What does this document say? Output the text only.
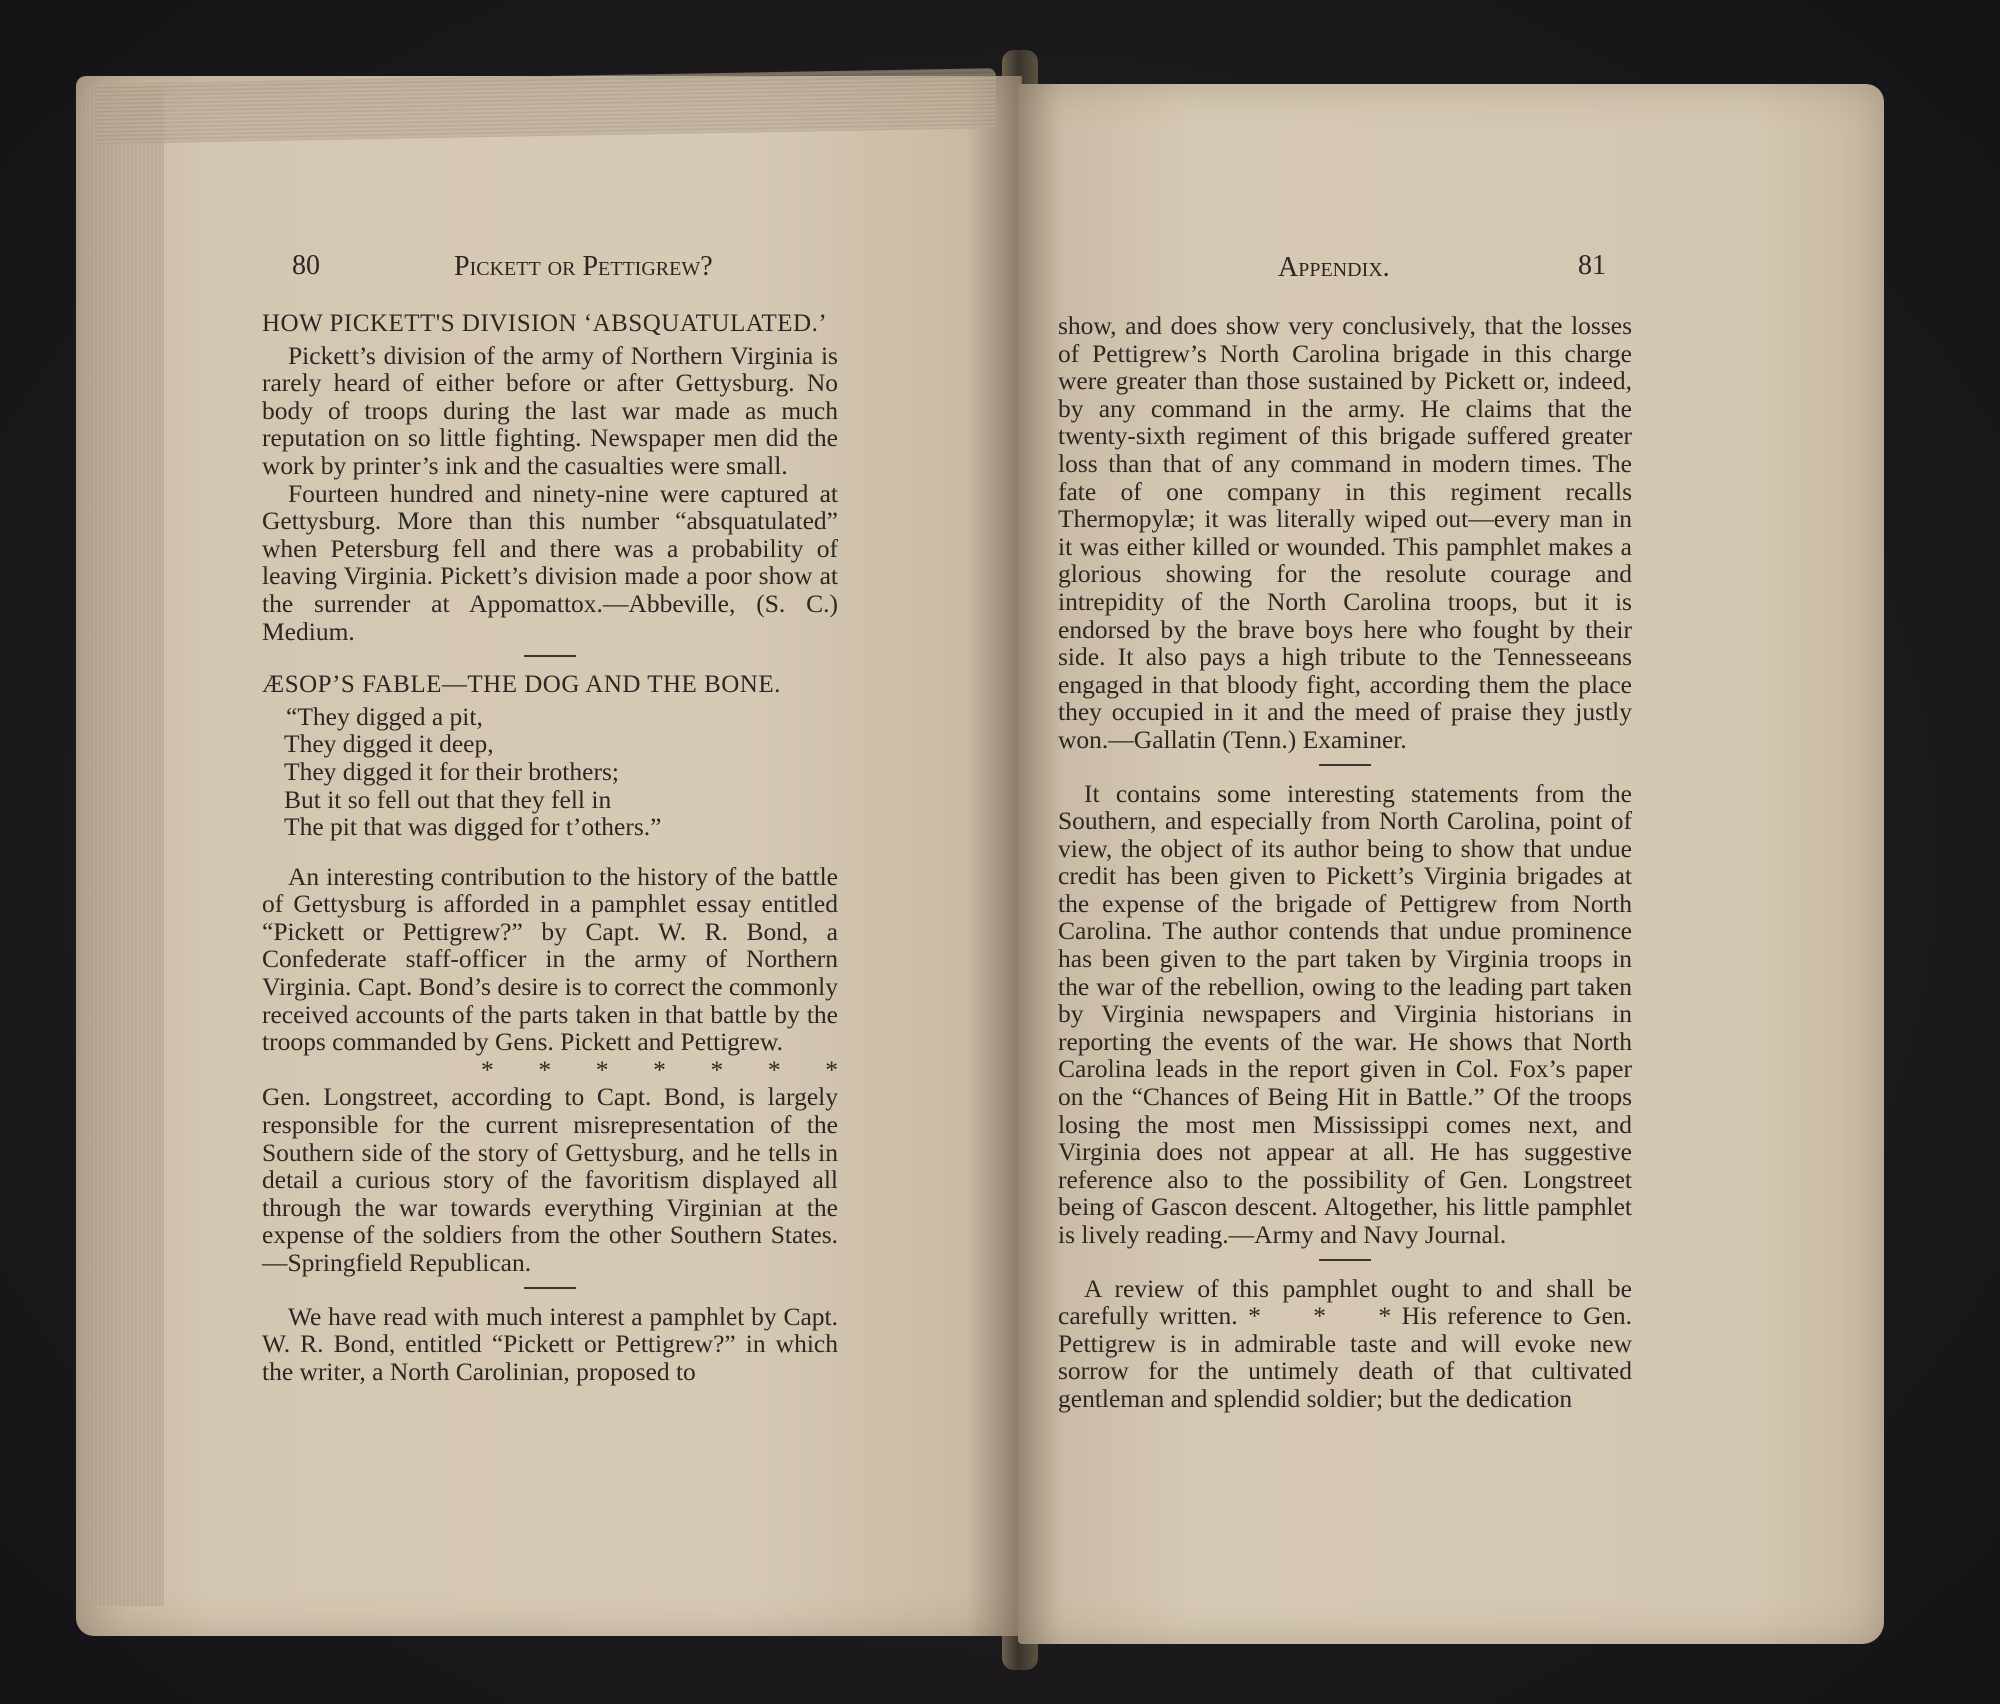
80	Pickett or Pettigrew?
HOW PICKETT'S DIVISION ‘ABSQUATULATED.’

Pickett’s division of the army of Northern Virginia is rarely heard of either before or after Gettysburg. No body of troops during the last war made as much reputation on so little fighting. Newspaper men did the work by printer’s ink and the casualties were small.

Fourteen hundred and ninety-nine were captured at Gettysburg. More than this number “absquatulated” when Petersburg fell and there was a probability of leaving Virginia. Pickett’s division made a poor show at the surrender at Appomattox.—Abbeville, (S. C.) Medium.

ÆSOP’S FABLE—THE DOG AND THE BONE.
“They digged a pit,
They digged it deep,
They digged it for their brothers;
But it so fell out that they fell in
The pit that was digged for t’others.”

An interesting contribution to the history of the battle of Gettysburg is afforded in a pamphlet essay entitled “Pickett or Pettigrew?” by Capt. W. R. Bond, a Confederate staff-officer in the army of Northern Virginia. Capt. Bond’s desire is to correct the commonly received accounts of the parts taken in that battle by the troops commanded by Gens. Pickett and Pettigrew.

*       *       *       *       *       *       *

Gen. Longstreet, according to Capt. Bond, is largely responsible for the current misrepresentation of the Southern side of the story of Gettysburg, and he tells in detail a curious story of the favoritism displayed all through the war towards everything Virginian at the expense of the soldiers from the other Southern States.—Springfield Republican.

We have read with much interest a pamphlet by Capt. W. R. Bond, entitled “Pickett or Pettigrew?” in which the writer, a North Carolinian, proposed to

Appendix.	81

show, and does show very conclusively, that the losses of Pettigrew’s North Carolina brigade in this charge were greater than those sustained by Pickett or, indeed, by any command in the army. He claims that the twenty-sixth regiment of this brigade suffered greater loss than that of any command in modern times. The fate of one company in this regiment recalls Thermopylæ; it was literally wiped out—every man in it was either killed or wounded. This pamphlet makes a glorious showing for the resolute courage and intrepidity of the North Carolina troops, but it is endorsed by the brave boys here who fought by their side. It also pays a high tribute to the Tennesseeans engaged in that bloody fight, according them the place they occupied in it and the meed of praise they justly won.—Gallatin (Tenn.) Examiner.

It contains some interesting statements from the Southern, and especially from North Carolina, point of view, the object of its author being to show that undue credit has been given to Pickett’s Virginia brigades at the expense of the brigade of Pettigrew from North Carolina. The author contends that undue prominence has been given to the part taken by Virginia troops in the war of the rebellion, owing to the leading part taken by Virginia newspapers and Virginia historians in reporting the events of the war. He shows that North Carolina leads in the report given in Col. Fox’s paper on the “Chances of Being Hit in Battle.” Of the troops losing the most men Mississippi comes next, and Virginia does not appear at all. He has suggestive reference also to the possibility of Gen. Longstreet being of Gascon descent. Altogether, his little pamphlet is lively reading.—Army and Navy Journal.

A review of this pamphlet ought to and shall be carefully written. *     *     * His reference to Gen. Pettigrew is in admirable taste and will evoke new sorrow for the untimely death of that cultivated gentleman and splendid soldier; but the dedication
